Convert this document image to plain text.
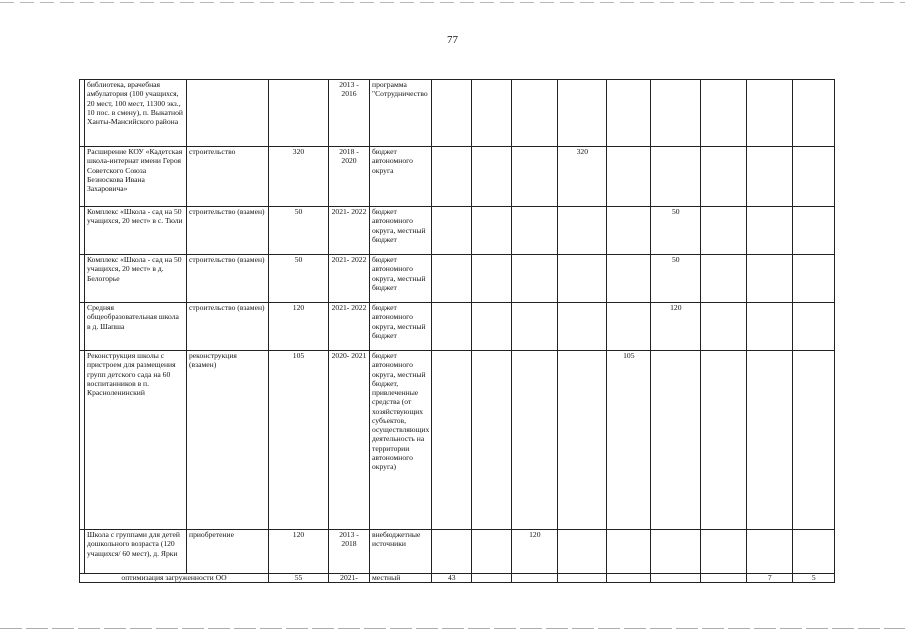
77
	библиотека, врачебная амбулатория (100 учащихся, 20 мест, 100 мест, 11300 экз., 10 пос. в смену), п. Выкатной Ханты-Мансийского района			2013 - 2016	программа "Сотрудничество									
	Расширение КОУ «Кадетская школа-интернат имени Героя Советского Союза Безноскова Ивана Захаровича»	строительство	320	2018 - 2020	бюджет автономного округа				320					
	Комплекс «Школа - сад на 50 учащихся, 20 мест» в с. Тюли	строительство (взамен)	50	2021- 2022	бюджет автономного округа, местный бюджет						50			
	Комплекс «Школа - сад на 50 учащихся, 20 мест» в д. Белогорье	строительство (взамен)	50	2021- 2022	бюджет автономного округа, местный бюджет						50			
	Средняя общеобразовательная школа в д. Шапша	строительство (взамен)	120	2021- 2022	бюджет автономного округа, местный бюджет						120			
	Реконструкция школы с пристроем для размещения групп детского сада на 60 воспитанников в п. Красноленинский	реконструкция (взамен)	105	2020- 2021	бюджет автономного округа, местный бюджет, привлеченные средства (от хозяйствующих субъектов, осуществляющих деятельность на территории автономного округа)					105				
	Школа с группами для детей дошкольного возраста (120 учащихся/ 60 мест), д. Ярки	приобретение	120	2013 - 2018	внебюджетные источники			120						
оптимизация загруженности ОО			55	2021-	местный	43							7	5
